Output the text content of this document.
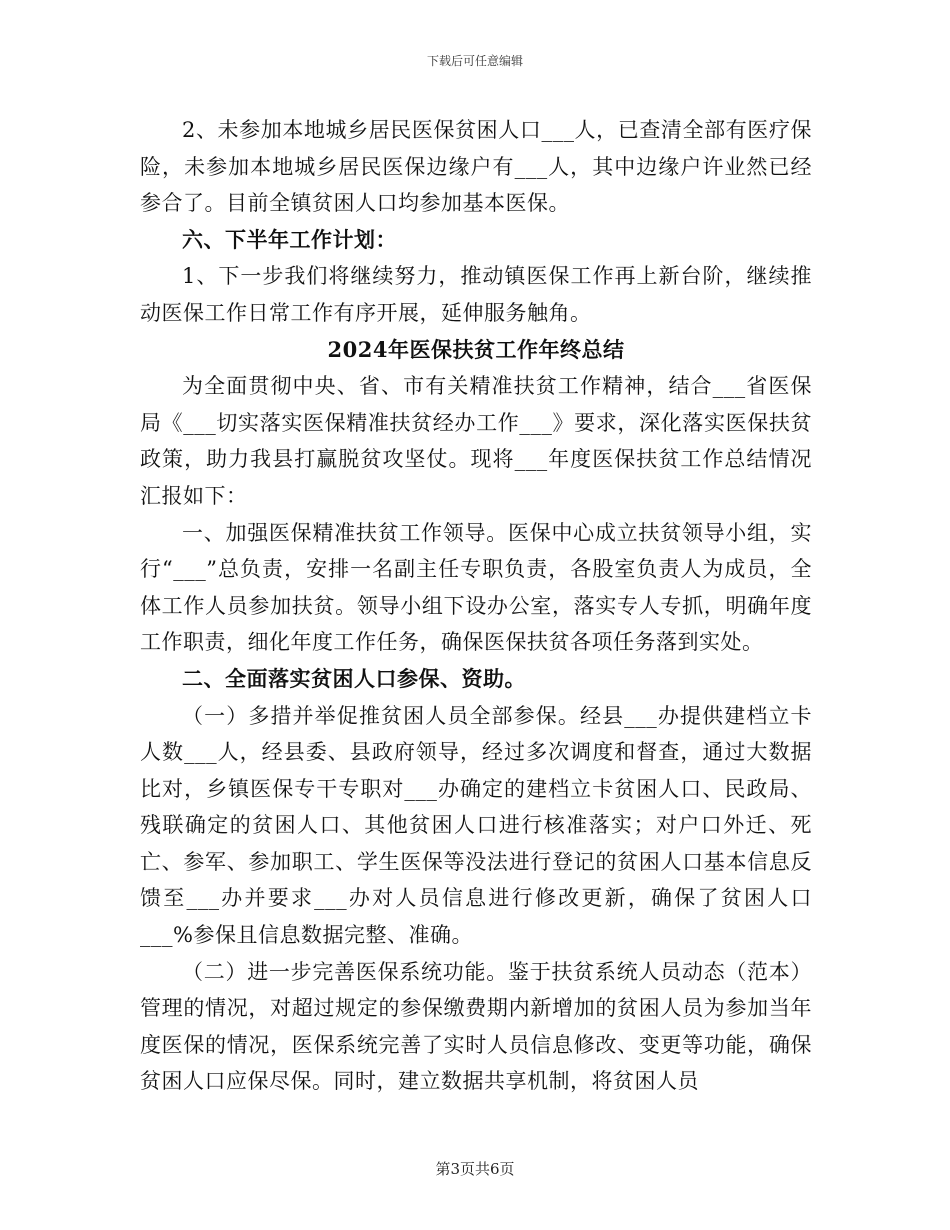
下载后可任意编辑

2、未参加本地城乡居民医保贫困人口___人，已查清全部有医疗保险，未参加本地城乡居民医保边缘户有___人，其中边缘户许业然已经参合了。目前全镇贫困人口均参加基本医保。

六、下半年工作计划：

1、下一步我们将继续努力，推动镇医保工作再上新台阶，继续推动医保工作日常工作有序开展，延伸服务触角。

2024年医保扶贫工作年终总结

为全面贯彻中央、省、市有关精准扶贫工作精神，结合___省医保局《___切实落实医保精准扶贫经办工作___》要求，深化落实医保扶贫政策，助力我县打赢脱贫攻坚仗。现将___年度医保扶贫工作总结情况汇报如下：

一、加强医保精准扶贫工作领导。医保中心成立扶贫领导小组，实行“___”总负责，安排一名副主任专职负责，各股室负责人为成员，全体工作人员参加扶贫。领导小组下设办公室，落实专人专抓，明确年度工作职责，细化年度工作任务，确保医保扶贫各项任务落到实处。

二、全面落实贫困人口参保、资助。

（一）多措并举促推贫困人员全部参保。经县___办提供建档立卡人数___人，经县委、县政府领导，经过多次调度和督查，通过大数据比对，乡镇医保专干专职对___办确定的建档立卡贫困人口、民政局、残联确定的贫困人口、其他贫困人口进行核准落实；对户口外迁、死亡、参军、参加职工、学生医保等没法进行登记的贫困人口基本信息反馈至___办并要求___办对人员信息进行修改更新，确保了贫困人口___%参保且信息数据完整、准确。

（二）进一步完善医保系统功能。鉴于扶贫系统人员动态（范本）管理的情况，对超过规定的参保缴费期内新增加的贫困人员为参加当年度医保的情况，医保系统完善了实时人员信息修改、变更等功能，确保贫困人口应保尽保。同时，建立数据共享机制，将贫困人员

第3页共6页
